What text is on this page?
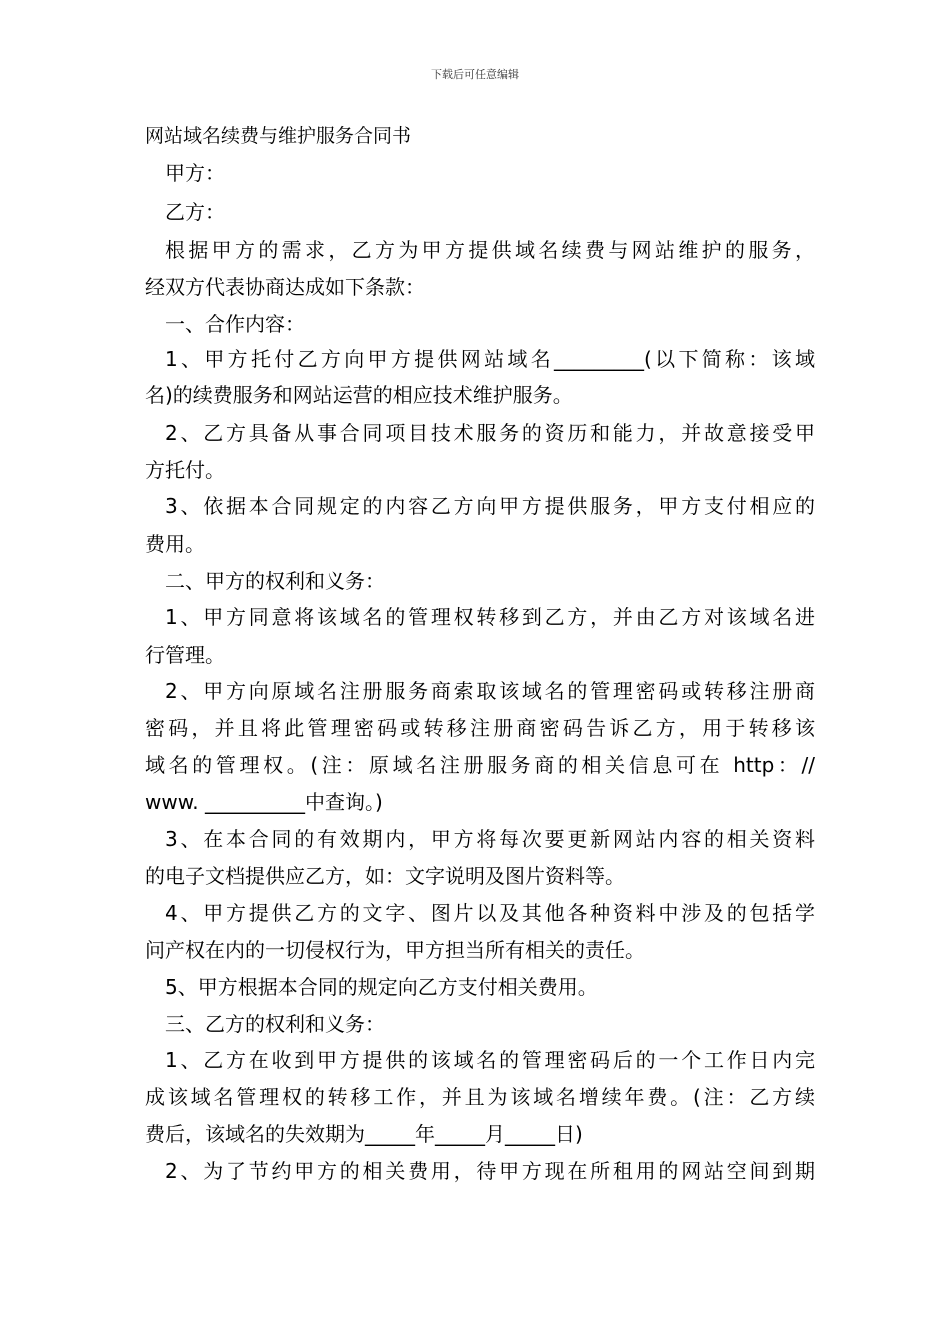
下载后可任意编辑
网站域名续费与维护服务合同书
甲方：
乙方：
根据甲方的需求，乙方为甲方提供域名续费与网站维护的服务，
经双方代表协商达成如下条款：
一、合作内容：
1、甲方托付乙方向甲方提供网站域名_________(以下简称：该域
名)的续费服务和网站运营的相应技术维护服务。
2、乙方具备从事合同项目技术服务的资历和能力，并故意接受甲
方托付。
3、依据本合同规定的内容乙方向甲方提供服务，甲方支付相应的
费用。
二、甲方的权利和义务：
1、甲方同意将该域名的管理权转移到乙方，并由乙方对该域名进
行管理。
2、甲方向原域名注册服务商索取该域名的管理密码或转移注册商
密码，并且将此管理密码或转移注册商密码告诉乙方，用于转移该
域名的管理权。(注：原域名注册服务商的相关信息可在 http：//
www. __________中查询。)
3、在本合同的有效期内，甲方将每次要更新网站内容的相关资料
的电子文档提供应乙方，如：文字说明及图片资料等。
4、甲方提供乙方的文字、图片以及其他各种资料中涉及的包括学
问产权在内的一切侵权行为，甲方担当所有相关的责任。
5、甲方根据本合同的规定向乙方支付相关费用。
三、乙方的权利和义务：
1、乙方在收到甲方提供的该域名的管理密码后的一个工作日内完
成该域名管理权的转移工作，并且为该域名增续年费。(注：乙方续
费后，该域名的失效期为_____年_____月_____日)
2、为了节约甲方的相关费用，待甲方现在所租用的网站空间到期
